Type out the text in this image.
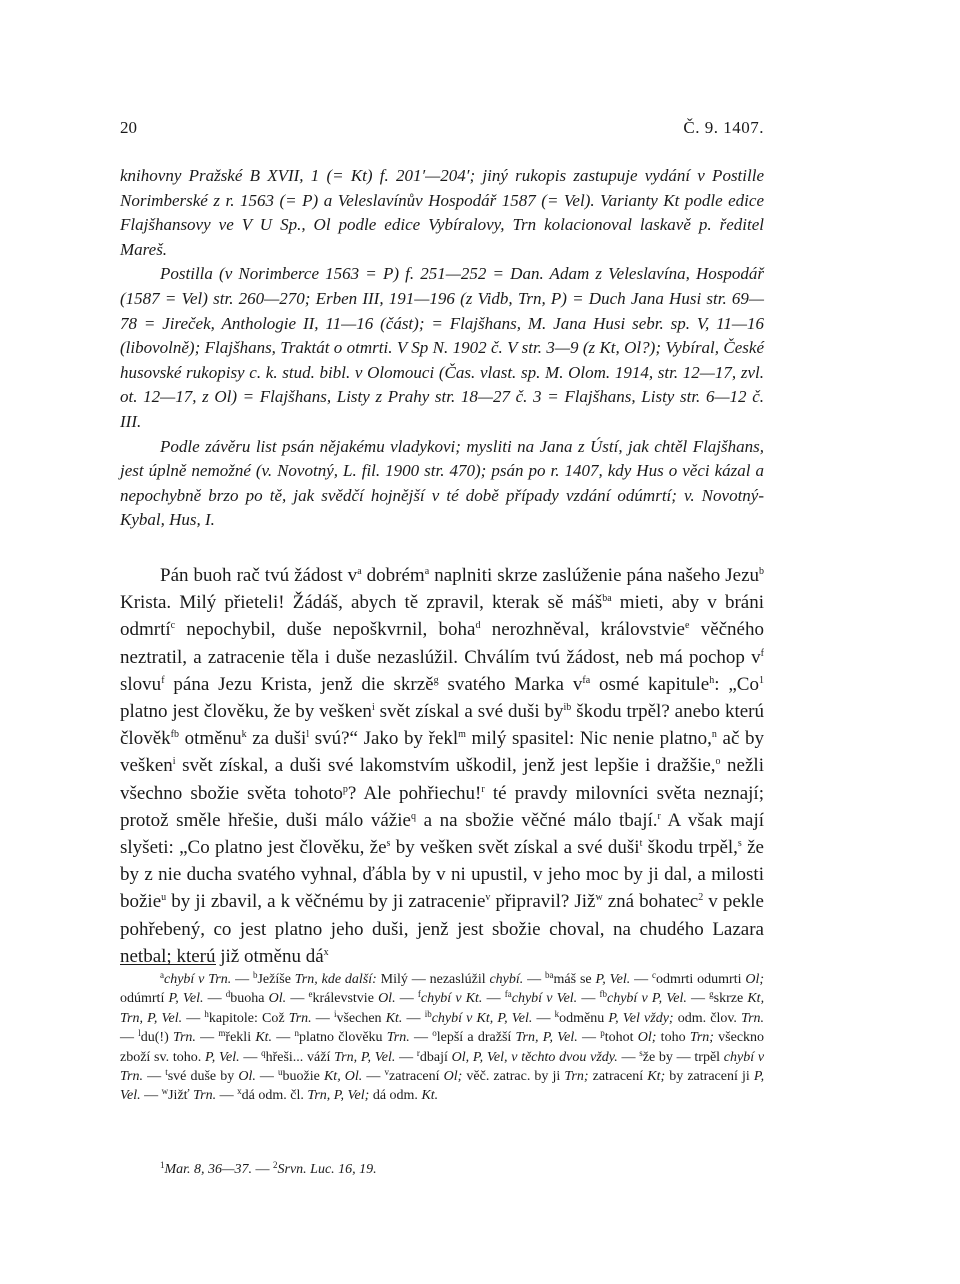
20	Č. 9. 1407.

knihovny Pražské B XVII, 1 (= Kt) f. 201′—204′; jiný rukopis zastupuje vydání v Postille Norimberské z r. 1563 (= P) a Veleslavínův Hospodář 1587 (= Vel). Varianty Kt podle edice Flajšhansovy ve V U Sp., Ol podle edice Vybíralovy, Trn kolacionoval laskavě p. ředitel Mareš.

Postilla (v Norimberce 1563 = P) f. 251—252 = Dan. Adam z Veleslavína, Hospodář (1587 = Vel) str. 260—270; Erben III, 191—196 (z Vidb, Trn, P) = Duch Jana Husi str. 69—78 = Jireček, Anthologie II, 11—16 (část); = Flajšhans, M. Jana Husi sebr. sp. V, 11—16 (libovolně); Flajšhans, Traktát o otmrti. V Sp N. 1902 č. V str. 3—9 (z Kt, Ol?); Vybíral, České husovské rukopisy c. k. stud. bibl. v Olomouci (Čas. vlast. sp. M. Olom. 1914, str. 12—17, zvl. ot. 12—17, z Ol) = Flajšhans, Listy z Prahy str. 18—27 č. 3 = Flajšhans, Listy str. 6—12 č. III.

Podle závěru list psán nějakému vladykovi; mysliti na Jana z Ústí, jak chtěl Flajšhans, jest úplně nemožné (v. Novotný, L. fil. 1900 str. 470); psán po r. 1407, kdy Hus o věci kázal a nepochybně brzo po tě, jak svědčí hojnější v té době případy vzdání odúmrtí; v. Novotný-Kybal, Hus, I.

Pán buoh rač tvú žádost $v^a$ dobrém$^a$ naplniti skrze zaslúženie pána našeho Jezu$^b$ Krista. Milý přieteli! Žádáš, abych tě zpravil, kterak sě máš$^{ba}$ mieti, aby v bráni odmrtí$^c$ nepochybil, duše nepoškvrnil, boha$^d$ nerozhněval, královstvie$^e$ věčného neztratil, a zatracenie těla i duše nezaslúžil. Chválím tvú žádost, neb má pochop $v^f$ slovu$^f$ pána Jezu Krista, jenž die skrzě$^g$ svatého Marka $v^{fa}$ osmé kapitule$^h$: „Co$^1$ platno jest člověku, že by vešken$^i$ svět získal a své duši $by^{ib}$ škodu trpěl? anebo kterú člověk$^{fb}$ otměnu$^k$ za duši$^l$ svú?“ Jako by řekl$^m$ milý spasitel: Nic nenie platno,$^n$ ač by vešken$^i$ svět získal, a duši své lakomstvím uškodil, jenž jest lepšie i dražšie,$^o$ nežli všechno sbožie světa tohoto$^p$? Ale pohřiechu!$^r$ té pravdy milovníci světa neznají; protož směle hřešie, duši málo vážie$^q$ a na sbožie věčné málo tbají.$^r$ A však mají slyšeti: „Co platno jest člověku, $že^s$ by vešken svět získal a své duši$^t$ škodu trpěl,$^s$ že by z nie ducha svatého vyhnal, ďábla by v ni upustil, v jeho moc by ji dal, a milosti božie$^u$ by ji zbavil, a k věčnému by ji zatracenie$^v$ připravil? Již$^w$ zná bohatec$^2$ v pekle pohřebený, co jest platno jeho duši, jenž jest sbožie choval, na chudého Lazara netbal; kterú již otměnu $dá^x$

$^a$chybí v Trn. — $^b$Ježíše Trn, kde další: Milý — nezaslúžil chybí. — $^{ba}$máš se P, Vel. — $^c$odmrti odumrti Ol; odúmrtí P, Vel. — $^d$buoha Ol. — $^e$králevstvie Ol. — $^f$chybí v Kt. — $^{fa}$chybí v Vel. — $^{fb}$chybí v P, Vel. — $^g$skrze Kt, Trn, P, Vel. — $^h$kapitole: Což Trn. — $^i$všechen Kt. — $^{ib}$chybí v Kt, P, Vel. — $^k$odměnu P, Vel vždy; odm. člov. Trn. — $^l$du(!) Trn. — $^m$řekli Kt. — $^n$platno člověku Trn. — $^o$lepší a dražší Trn, P, Vel. — $^p$tohot Ol; toho Trn; všeckno zboží sv. toho. P, Vel. — $^q$hřeši... váží Trn, P, Vel. — $^r$dbají Ol, P, Vel, v těchto dvou vždy. — $^s$že by — trpěl chybí v Trn. — $^t$své duše by Ol. — $^u$buožie Kt, Ol. — $^v$zatracení Ol; věč. zatrac. by ji Trn; zatracení Kt; by zatracení ji P, Vel. — $^w$Jižť Trn. — $^x$dá odm. čl. Trn, P, Vel; dá odm. Kt.

$^1$Mar. 8, 36—37. — $^2$Srvn. Luc. 16, 19.
